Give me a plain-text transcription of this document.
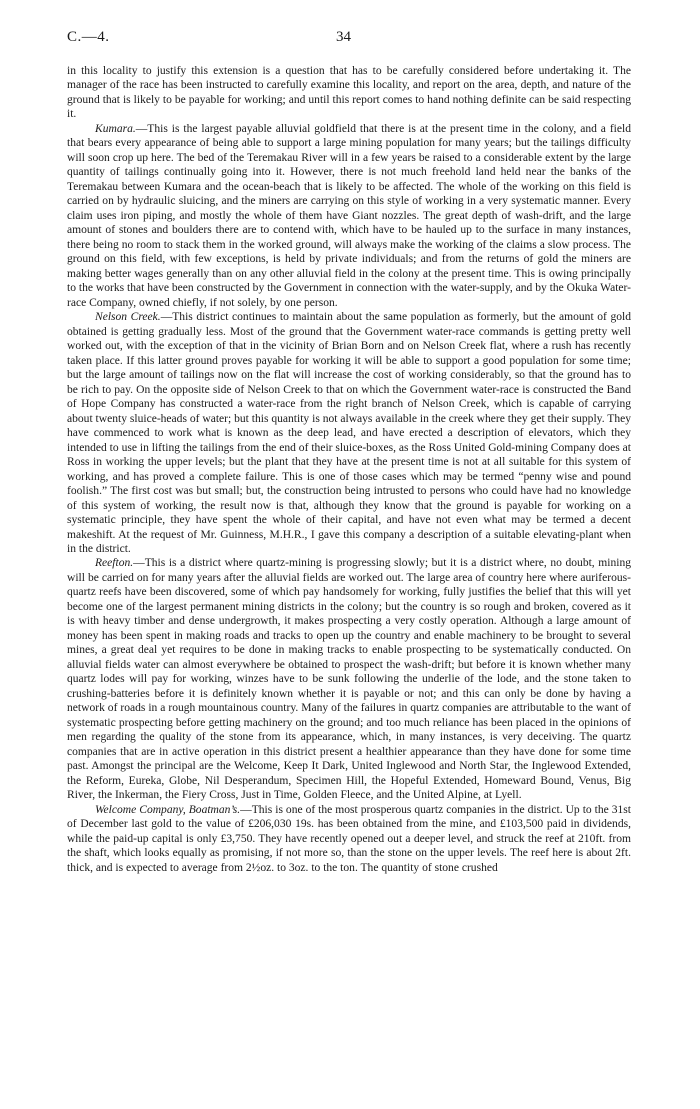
C.—4.	34

in this locality to justify this extension is a question that has to be carefully considered before undertaking it. The manager of the race has been instructed to carefully examine this locality, and report on the area, depth, and nature of the ground that is likely to be payable for working; and until this report comes to hand nothing definite can be said respecting it.

Kumara.—This is the largest payable alluvial goldfield that there is at the present time in the colony, and a field that bears every appearance of being able to support a large mining population for many years; but the tailings difficulty will soon crop up here. The bed of the Teremakau River will in a few years be raised to a considerable extent by the large quantity of tailings continually going into it. However, there is not much freehold land held near the banks of the Teremakau between Kumara and the ocean-beach that is likely to be affected. The whole of the working on this field is carried on by hydraulic sluicing, and the miners are carrying on this style of working in a very systematic manner. Every claim uses iron piping, and mostly the whole of them have Giant nozzles. The great depth of wash-drift, and the large amount of stones and boulders there are to contend with, which have to be hauled up to the surface in many instances, there being no room to stack them in the worked ground, will always make the working of the claims a slow process. The ground on this field, with few exceptions, is held by private individuals; and from the returns of gold the miners are making better wages generally than on any other alluvial field in the colony at the present time. This is owing principally to the works that have been constructed by the Government in connection with the water-supply, and by the Okuka Water-race Company, owned chiefly, if not solely, by one person.

Nelson Creek.—This district continues to maintain about the same population as formerly, but the amount of gold obtained is getting gradually less. Most of the ground that the Government water-race commands is getting pretty well worked out, with the exception of that in the vicinity of Brian Born and on Nelson Creek flat, where a rush has recently taken place. If this latter ground proves payable for working it will be able to support a good population for some time; but the large amount of tailings now on the flat will increase the cost of working considerably, so that the ground has to be rich to pay. On the opposite side of Nelson Creek to that on which the Government water-race is constructed the Band of Hope Company has constructed a water-race from the right branch of Nelson Creek, which is capable of carrying about twenty sluice-heads of water; but this quantity is not always available in the creek where they get their supply. They have commenced to work what is known as the deep lead, and have erected a description of elevators, which they intended to use in lifting the tailings from the end of their sluice-boxes, as the Ross United Gold-mining Company does at Ross in working the upper levels; but the plant that they have at the present time is not at all suitable for this system of working, and has proved a complete failure. This is one of those cases which may be termed “penny wise and pound foolish.” The first cost was but small; but, the construction being intrusted to persons who could have had no knowledge of this system of working, the result now is that, although they know that the ground is payable for working on a systematic principle, they have spent the whole of their capital, and have not even what may be termed a decent makeshift. At the request of Mr. Guinness, M.H.R., I gave this company a description of a suitable elevating-plant when in the district.

Reefton.—This is a district where quartz-mining is progressing slowly; but it is a district where, no doubt, mining will be carried on for many years after the alluvial fields are worked out. The large area of country here where auriferous-quartz reefs have been discovered, some of which pay handsomely for working, fully justifies the belief that this will yet become one of the largest permanent mining districts in the colony; but the country is so rough and broken, covered as it is with heavy timber and dense undergrowth, it makes prospecting a very costly operation. Although a large amount of money has been spent in making roads and tracks to open up the country and enable machinery to be brought to several mines, a great deal yet requires to be done in making tracks to enable prospecting to be systematically conducted. On alluvial fields water can almost everywhere be obtained to prospect the wash-drift; but before it is known whether many quartz lodes will pay for working, winzes have to be sunk following the underlie of the lode, and the stone taken to crushing-batteries before it is definitely known whether it is payable or not; and this can only be done by having a network of roads in a rough mountainous country. Many of the failures in quartz companies are attributable to the want of systematic prospecting before getting machinery on the ground; and too much reliance has been placed in the opinions of men regarding the quality of the stone from its appearance, which, in many instances, is very deceiving. The quartz companies that are in active operation in this district present a healthier appearance than they have done for some time past. Amongst the principal are the Welcome, Keep It Dark, United Inglewood and North Star, the Inglewood Extended, the Reform, Eureka, Globe, Nil Desperandum, Specimen Hill, the Hopeful Extended, Homeward Bound, Venus, Big River, the Inkerman, the Fiery Cross, Just in Time, Golden Fleece, and the United Alpine, at Lyell.

Welcome Company, Boatman’s.—This is one of the most prosperous quartz companies in the district. Up to the 31st of December last gold to the value of £206,030 19s. has been obtained from the mine, and £103,500 paid in dividends, while the paid-up capital is only £3,750. They have recently opened out a deeper level, and struck the reef at 210ft. from the shaft, which looks equally as promising, if not more so, than the stone on the upper levels. The reef here is about 2ft. thick, and is expected to average from 2½oz. to 3oz. to the ton. The quantity of stone crushed
